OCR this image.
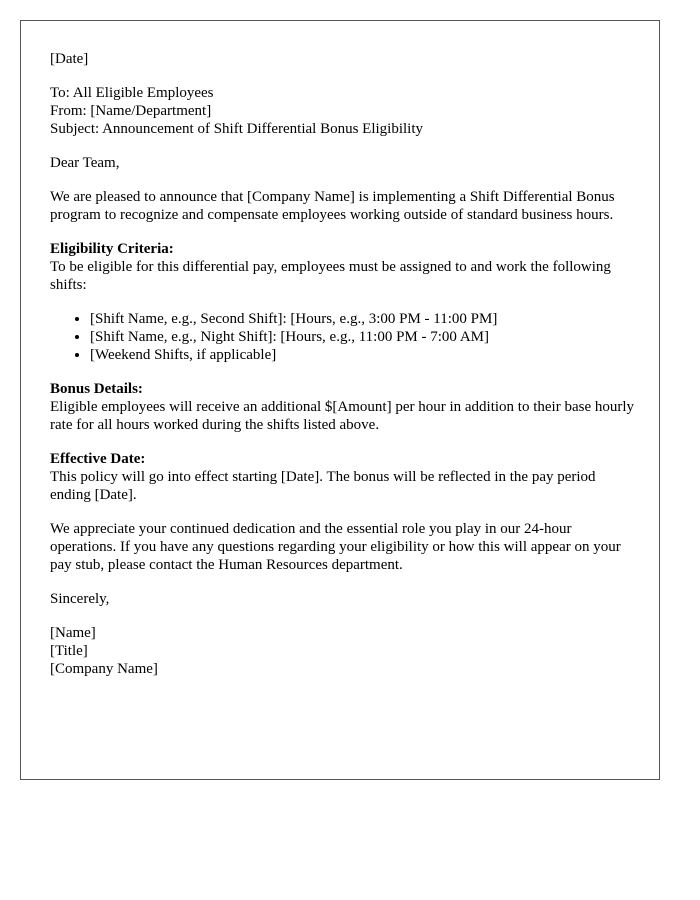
[Date]

To: All Eligible Employees
From: [Name/Department]
Subject: Announcement of Shift Differential Bonus Eligibility

Dear Team,

We are pleased to announce that [Company Name] is implementing a Shift Differential Bonus program to recognize and compensate employees working outside of standard business hours.

Eligibility Criteria:

To be eligible for this differential pay, employees must be assigned to and work the following shifts:

• [Shift Name, e.g., Second Shift]: [Hours, e.g., 3:00 PM - 11:00 PM]
• [Shift Name, e.g., Night Shift]: [Hours, e.g., 11:00 PM - 7:00 AM]
• [Weekend Shifts, if applicable]
Bonus Details:

Eligible employees will receive an additional $[Amount] per hour in addition to their base hourly rate for all hours worked during the shifts listed above.

Effective Date:

This policy will go into effect starting [Date]. The bonus will be reflected in the pay period ending [Date].

We appreciate your continued dedication and the essential role you play in our 24-hour operations. If you have any questions regarding your eligibility or how this will appear on your pay stub, please contact the Human Resources department.

Sincerely,

[Name]
[Title]
[Company Name]
